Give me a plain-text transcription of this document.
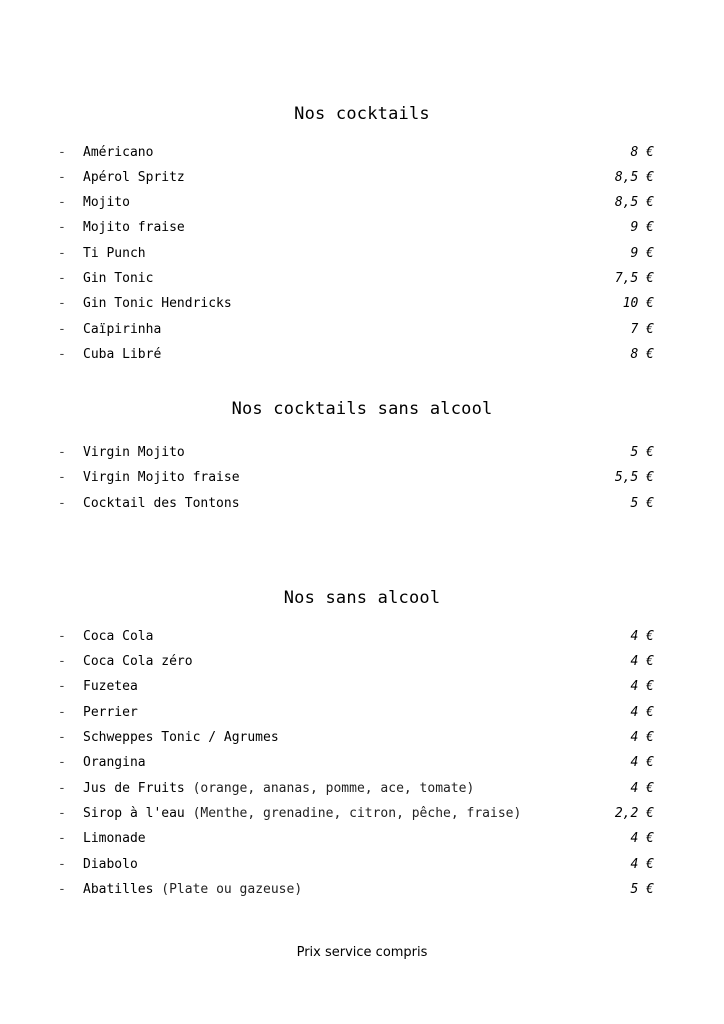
Nos cocktails
- Américano	8 €
- Apérol Spritz	8,5 €
- Mojito	8,5 €
- Mojito fraise	9 €
- Ti Punch	9 €
- Gin Tonic	7,5 €
- Gin Tonic Hendricks	10 €
- Caïpirinha	7 €
- Cuba Libré	8 €
Nos cocktails sans alcool
- Virgin Mojito	5 €
- Virgin Mojito fraise	5,5 €
- Cocktail des Tontons	5 €
Nos sans alcool
- Coca Cola	4 €
- Coca Cola zéro	4 €
- Fuzetea	4 €
- Perrier	4 €
- Schweppes Tonic / Agrumes	4 €
- Orangina	4 €
- Jus de Fruits (orange, ananas, pomme, ace, tomate)	4 €
- Sirop à l'eau (Menthe, grenadine, citron, pêche, fraise)	2,2 €
- Limonade	4 €
- Diabolo	4 €
- Abatilles (Plate ou gazeuse)	5 €
Prix service compris
